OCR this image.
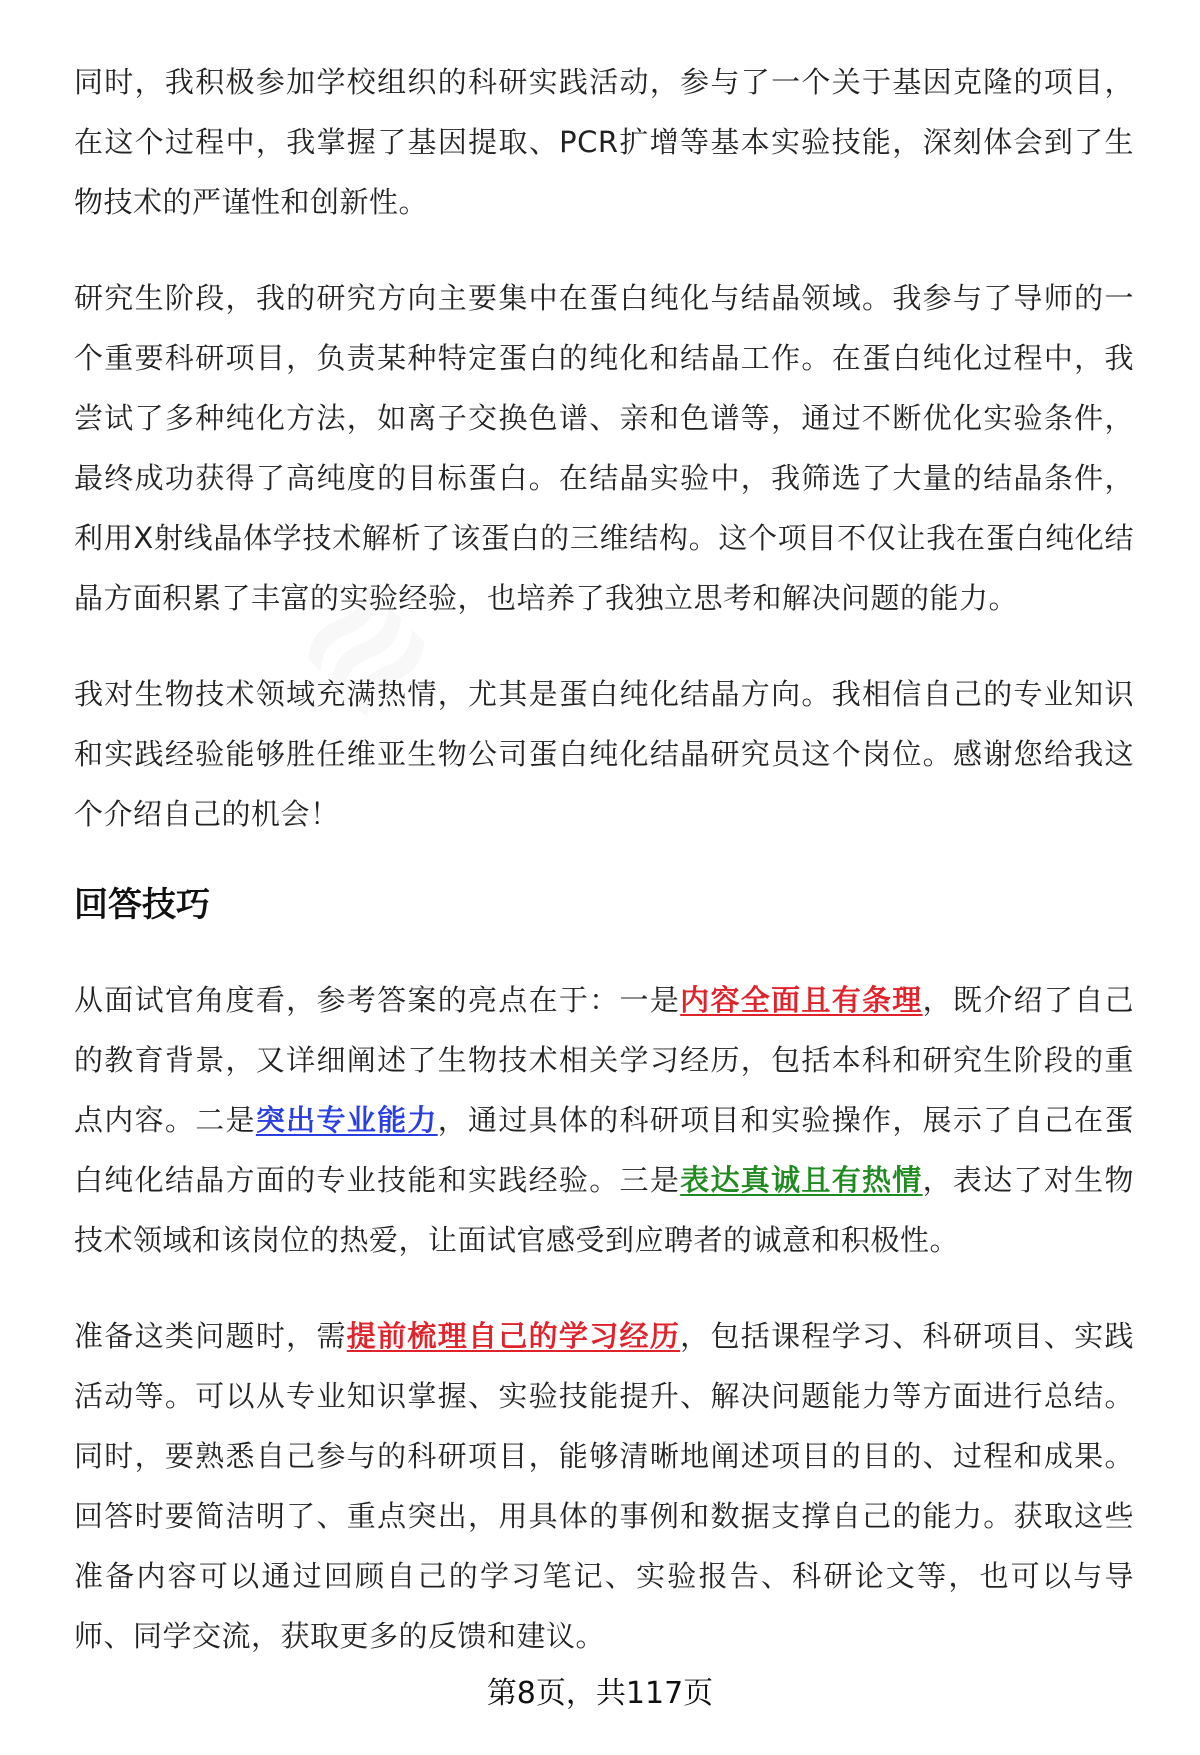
≋

同时，我积极参加学校组织的科研实践活动，参与了一个关于基因克隆的项目，在这个过程中，我掌握了基因提取、PCR扩增等基本实验技能，深刻体会到了生物技术的严谨性和创新性。

研究生阶段，我的研究方向主要集中在蛋白纯化与结晶领域。我参与了导师的一个重要科研项目，负责某种特定蛋白的纯化和结晶工作。在蛋白纯化过程中，我尝试了多种纯化方法，如离子交换色谱、亲和色谱等，通过不断优化实验条件，最终成功获得了高纯度的目标蛋白。在结晶实验中，我筛选了大量的结晶条件，利用X射线晶体学技术解析了该蛋白的三维结构。这个项目不仅让我在蛋白纯化结晶方面积累了丰富的实验经验，也培养了我独立思考和解决问题的能力。

我对生物技术领域充满热情，尤其是蛋白纯化结晶方向。我相信自己的专业知识和实践经验能够胜任维亚生物公司蛋白纯化结晶研究员这个岗位。感谢您给我这个介绍自己的机会！

回答技巧

从面试官角度看，参考答案的亮点在于：一是内容全面且有条理，既介绍了自己的教育背景，又详细阐述了生物技术相关学习经历，包括本科和研究生阶段的重点内容。二是突出专业能力，通过具体的科研项目和实验操作，展示了自己在蛋白纯化结晶方面的专业技能和实践经验。三是表达真诚且有热情，表达了对生物技术领域和该岗位的热爱，让面试官感受到应聘者的诚意和积极性。

准备这类问题时，需提前梳理自己的学习经历，包括课程学习、科研项目、实践活动等。可以从专业知识掌握、实验技能提升、解决问题能力等方面进行总结。同时，要熟悉自己参与的科研项目，能够清晰地阐述项目的目的、过程和成果。回答时要简洁明了、重点突出，用具体的事例和数据支撑自己的能力。获取这些准备内容可以通过回顾自己的学习笔记、实验报告、科研论文等，也可以与导师、同学交流，获取更多的反馈和建议。

第8页，共117页
